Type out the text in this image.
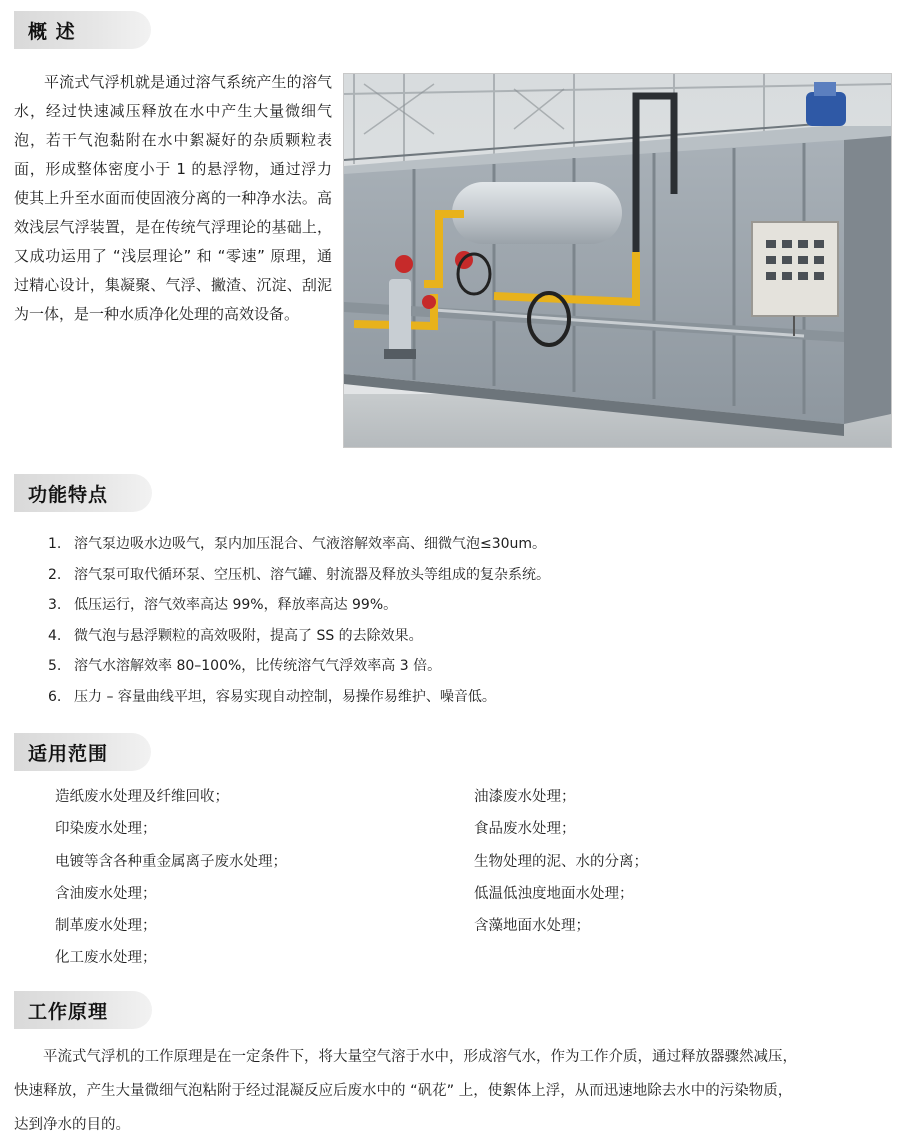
概 述

平流式气浮机就是通过溶气系统产生的溶气水，经过快速减压释放在水中产生大量微细气泡，若干气泡黏附在水中絮凝好的杂质颗粒表面，形成整体密度小于 1 的悬浮物，通过浮力使其上升至水面而使固液分离的一种净水法。高效浅层气浮装置，是在传统气浮理论的基础上，又成功运用了 “浅层理论” 和 “零速” 原理，通过精心设计，集凝聚、气浮、撇渣、沉淀、刮泥为一体，是一种水质净化处理的高效设备。

功能特点
1. 溶气泵边吸水边吸气，泵内加压混合、气液溶解效率高、细微气泡≤30um。
2. 溶气泵可取代循环泵、空压机、溶气罐、射流器及释放头等组成的复杂系统。
3. 低压运行，溶气效率高达 99%，释放率高达 99%。
4. 微气泡与悬浮颗粒的高效吸附，提高了 SS 的去除效果。
5. 溶气水溶解效率 80–100%，比传统溶气气浮效率高 3 倍。
6. 压力 – 容量曲线平坦，容易实现自动控制，易操作易维护、噪音低。
适用范围
造纸废水处理及纤维回收；
印染废水处理；
电镀等含各种重金属离子废水处理；
含油废水处理；
制革废水处理；
化工废水处理；
油漆废水处理；
食品废水处理；
生物处理的泥、水的分离；
低温低浊度地面水处理；
含藻地面水处理；
工作原理

平流式气浮机的工作原理是在一定条件下，将大量空气溶于水中，形成溶气水，作为工作介质，通过释放器骤然减压，
快速释放，产生大量微细气泡粘附于经过混凝反应后废水中的 “矾花” 上，使絮体上浮，从而迅速地除去水中的污染物质，
达到净水的目的。
